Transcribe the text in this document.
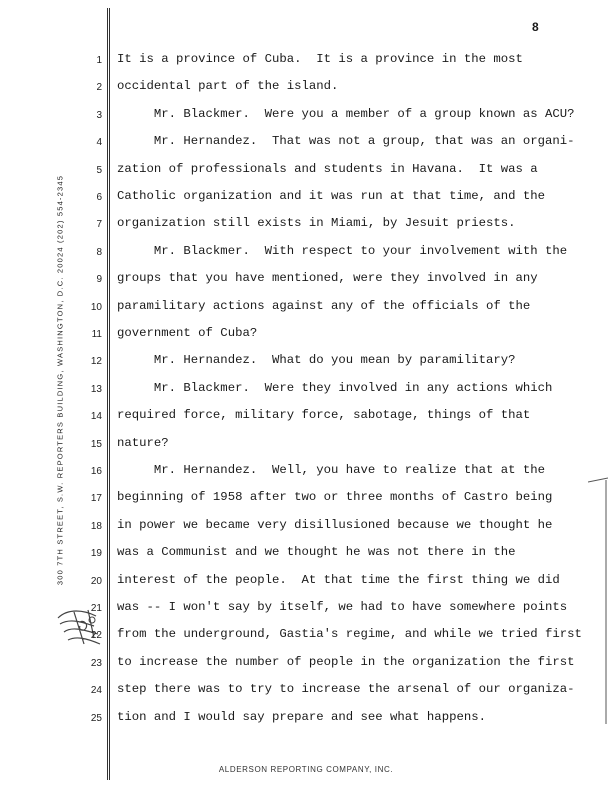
8
300 7TH STREET, S.W. REPORTERS BUILDING, WASHINGTON, D.C. 20024 (202) 554-2345
1 It is a province of Cuba.  It is a province in the most
2 occidental part of the island.
3 Mr. Blackmer.  Were you a member of a group known as ACU?
4 Mr. Hernandez.  That was not a group, that was an organi-
5 zation of professionals and students in Havana.  It was a
6 Catholic organization and it was run at that time, and the
7 organization still exists in Miami, by Jesuit priests.
8 Mr. Blackmer.  With respect to your involvement with the
9 groups that you have mentioned, were they involved in any
10 paramilitary actions against any of the officials of the
11 government of Cuba?
12 Mr. Hernandez.  What do you mean by paramilitary?
13 Mr. Blackmer.  Were they involved in any actions which
14 required force, military force, sabotage, things of that
15 nature?
16 Mr. Hernandez.  Well, you have to realize that at the
17 beginning of 1958 after two or three months of Castro being
18 in power we became very disillusioned because we thought he
19 was a Communist and we thought he was not there in the
20 interest of the people.  At that time the first thing we did
21 was -- I won't say by itself, we had to have somewhere points
22 from the underground, Gastia's regime, and while we tried first
23 to increase the number of people in the organization the first
24 step there was to try to increase the arsenal of our organiza-
25 tion and I would say prepare and see what happens.
ALDERSON REPORTING COMPANY, INC.
